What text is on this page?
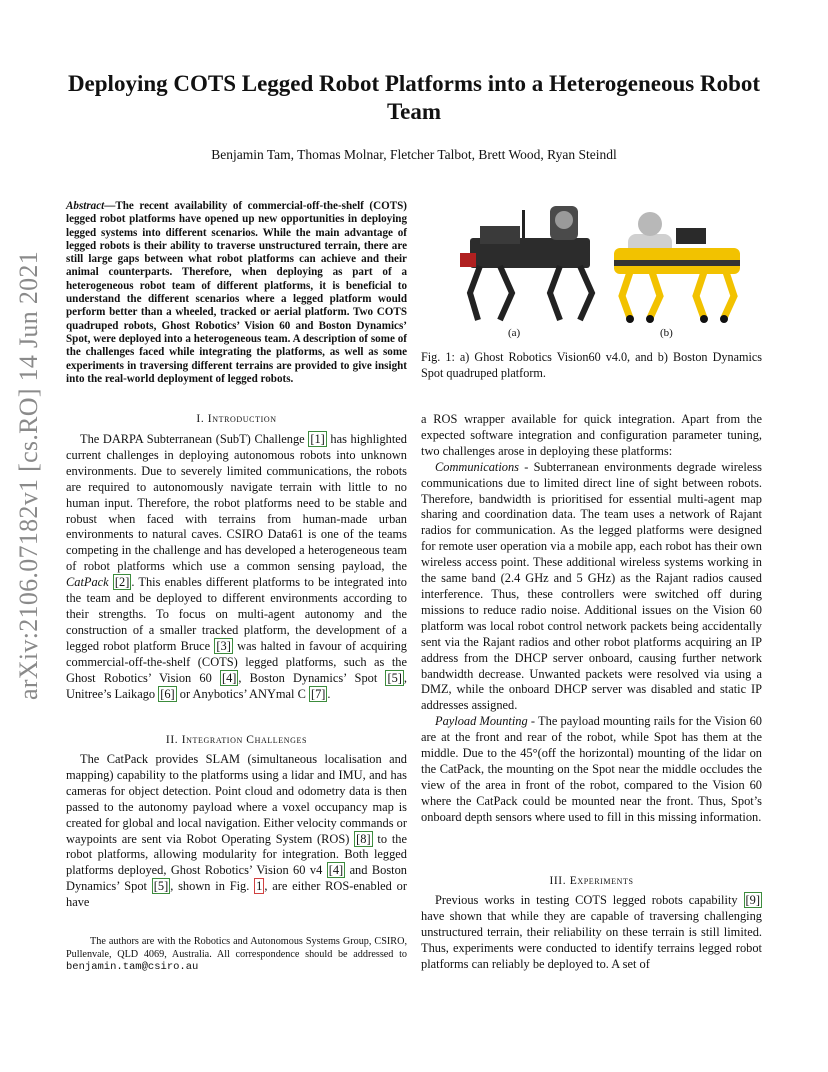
Deploying COTS Legged Robot Platforms into a Heterogeneous Robot Team
Benjamin Tam, Thomas Molnar, Fletcher Talbot, Brett Wood, Ryan Steindl
arXiv:2106.07182v1 [cs.RO] 14 Jun 2021
Abstract—The recent availability of commercial-off-the-shelf (COTS) legged robot platforms have opened up new opportunities in deploying legged systems into different scenarios. While the main advantage of legged robots is their ability to traverse unstructured terrain, there are still large gaps between what robot platforms can achieve and their animal counterparts. Therefore, when deploying as part of a heterogeneous robot team of different platforms, it is beneficial to understand the different scenarios where a legged platform would perform better than a wheeled, tracked or aerial platform. Two COTS quadruped robots, Ghost Robotics’ Vision 60 and Boston Dynamics’ Spot, were deployed into a heterogeneous team. A description of some of the challenges faced while integrating the platforms, as well as some experiments in traversing different terrains are provided to give insight into the real-world deployment of legged robots.
I. Introduction

The DARPA Subterranean (SubT) Challenge [1] has highlighted current challenges in deploying autonomous robots into unknown environments. Due to severely limited communications, the robots are required to autonomously navigate terrain with little to no human input. Therefore, the robot platforms need to be stable and robust when faced with terrains from human-made urban environments to natural caves. CSIRO Data61 is one of the teams competing in the challenge and has developed a heterogeneous team of robot platforms which use a common sensing payload, the CatPack [2] . This enables different platforms to be integrated into the team and be deployed to different environments according to their strengths. To focus on multi-agent autonomy and the construction of a smaller tracked platform, the development of a legged robot platform Bruce [3] was halted in favour of acquiring commercial-off-the-shelf (COTS) legged platforms, such as the Ghost Robotics’ Vision 60 [4] , Boston Dynamics’ Spot [5] , Unitree’s Laikago [6] or Anybotics’ ANYmal C [7] .

II. Integration Challenges

The CatPack provides SLAM (simultaneous localisation and mapping) capability to the platforms using a lidar and IMU, and has cameras for object detection. Point cloud and odometry data is then passed to the autonomy payload where a voxel occupancy map is created for global and local navigation. Either velocity commands or waypoints are sent via Robot Operating System (ROS) [8] to the robot platforms, allowing modularity for integration. Both legged platforms deployed, Ghost Robotics’ Vision 60 v4 [4] and Boston Dynamics’ Spot [5] , shown in Fig. 1 , are either ROS-enabled or have

The authors are with the Robotics and Autonomous Systems Group, CSIRO, Pullenvale, QLD 4069, Australia. All correspondence should be addressed to benjamin.tam@csiro.au

(a)	(b)
Fig. 1: a) Ghost Robotics Vision60 v4.0, and b) Boston Dynamics Spot quadruped platform.
a ROS wrapper available for quick integration. Apart from the expected software integration and configuration parameter tuning, two challenges arose in deploying these platforms:

Communications - Subterranean environments degrade wireless communications due to limited direct line of sight between robots. Therefore, bandwidth is prioritised for essential multi-agent map sharing and coordination data. The team uses a network of Rajant radios for communication. As the legged platforms were designed for remote user operation via a mobile app, each robot has their own wireless access point. These additional wireless systems working in the same band (2.4 GHz and 5 GHz) as the Rajant radios caused interference. Thus, these controllers were switched off during missions to reduce radio noise. Additional issues on the Vision 60 platform was local robot control network packets being accidentally sent via the Rajant radios and other robot platforms acquiring an IP address from the DHCP server onboard, causing further network bandwidth decrease. Unwanted packets were resolved via using a DMZ, while the onboard DHCP server was disabled and static IP addresses assigned.

Payload Mounting - The payload mounting rails for the Vision 60 are at the front and rear of the robot, while Spot has them at the middle. Due to the 45°(off the horizontal) mounting of the lidar on the CatPack, the mounting on the Spot near the middle occludes the view of the area in front of the robot, compared to the Vision 60 where the CatPack could be mounted near the front. Thus, Spot’s onboard depth sensors where used to fill in this missing information.

III. Experiments

Previous works in testing COTS legged robots capability [9] have shown that while they are capable of traversing challenging unstructured terrain, their reliability on these terrain is still limited. Thus, experiments were conducted to identify terrains legged robot platforms can reliably be deployed to. A set of
